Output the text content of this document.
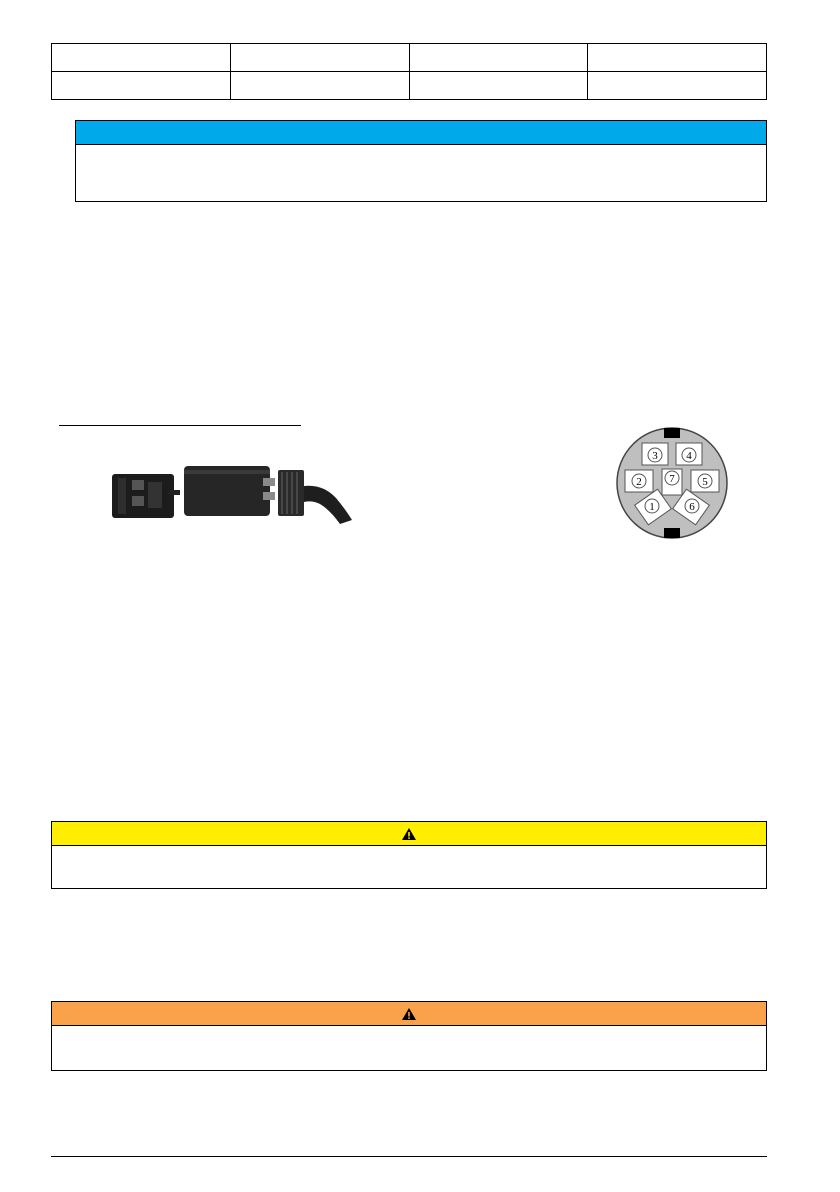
3	4
2	7	5
1	6
